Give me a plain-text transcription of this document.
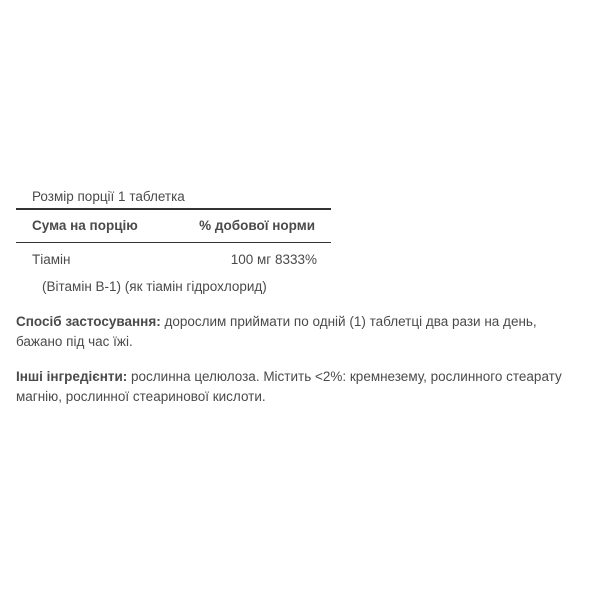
Розмір порції 1 таблетка
Сума на порцію	% добової норми
Тіамін	100 мг 8333%
(Вітамін B-1) (як тіамін гідрохлорид)
Спосіб застосування: дорослим приймати по одній (1) таблетці два рази на день, бажано під час їжі.
Інші інгредієнти: рослинна целюлоза. Містить <2%: кремнезему, рослинного стеарату магнію, рослинної стеаринової кислоти.
